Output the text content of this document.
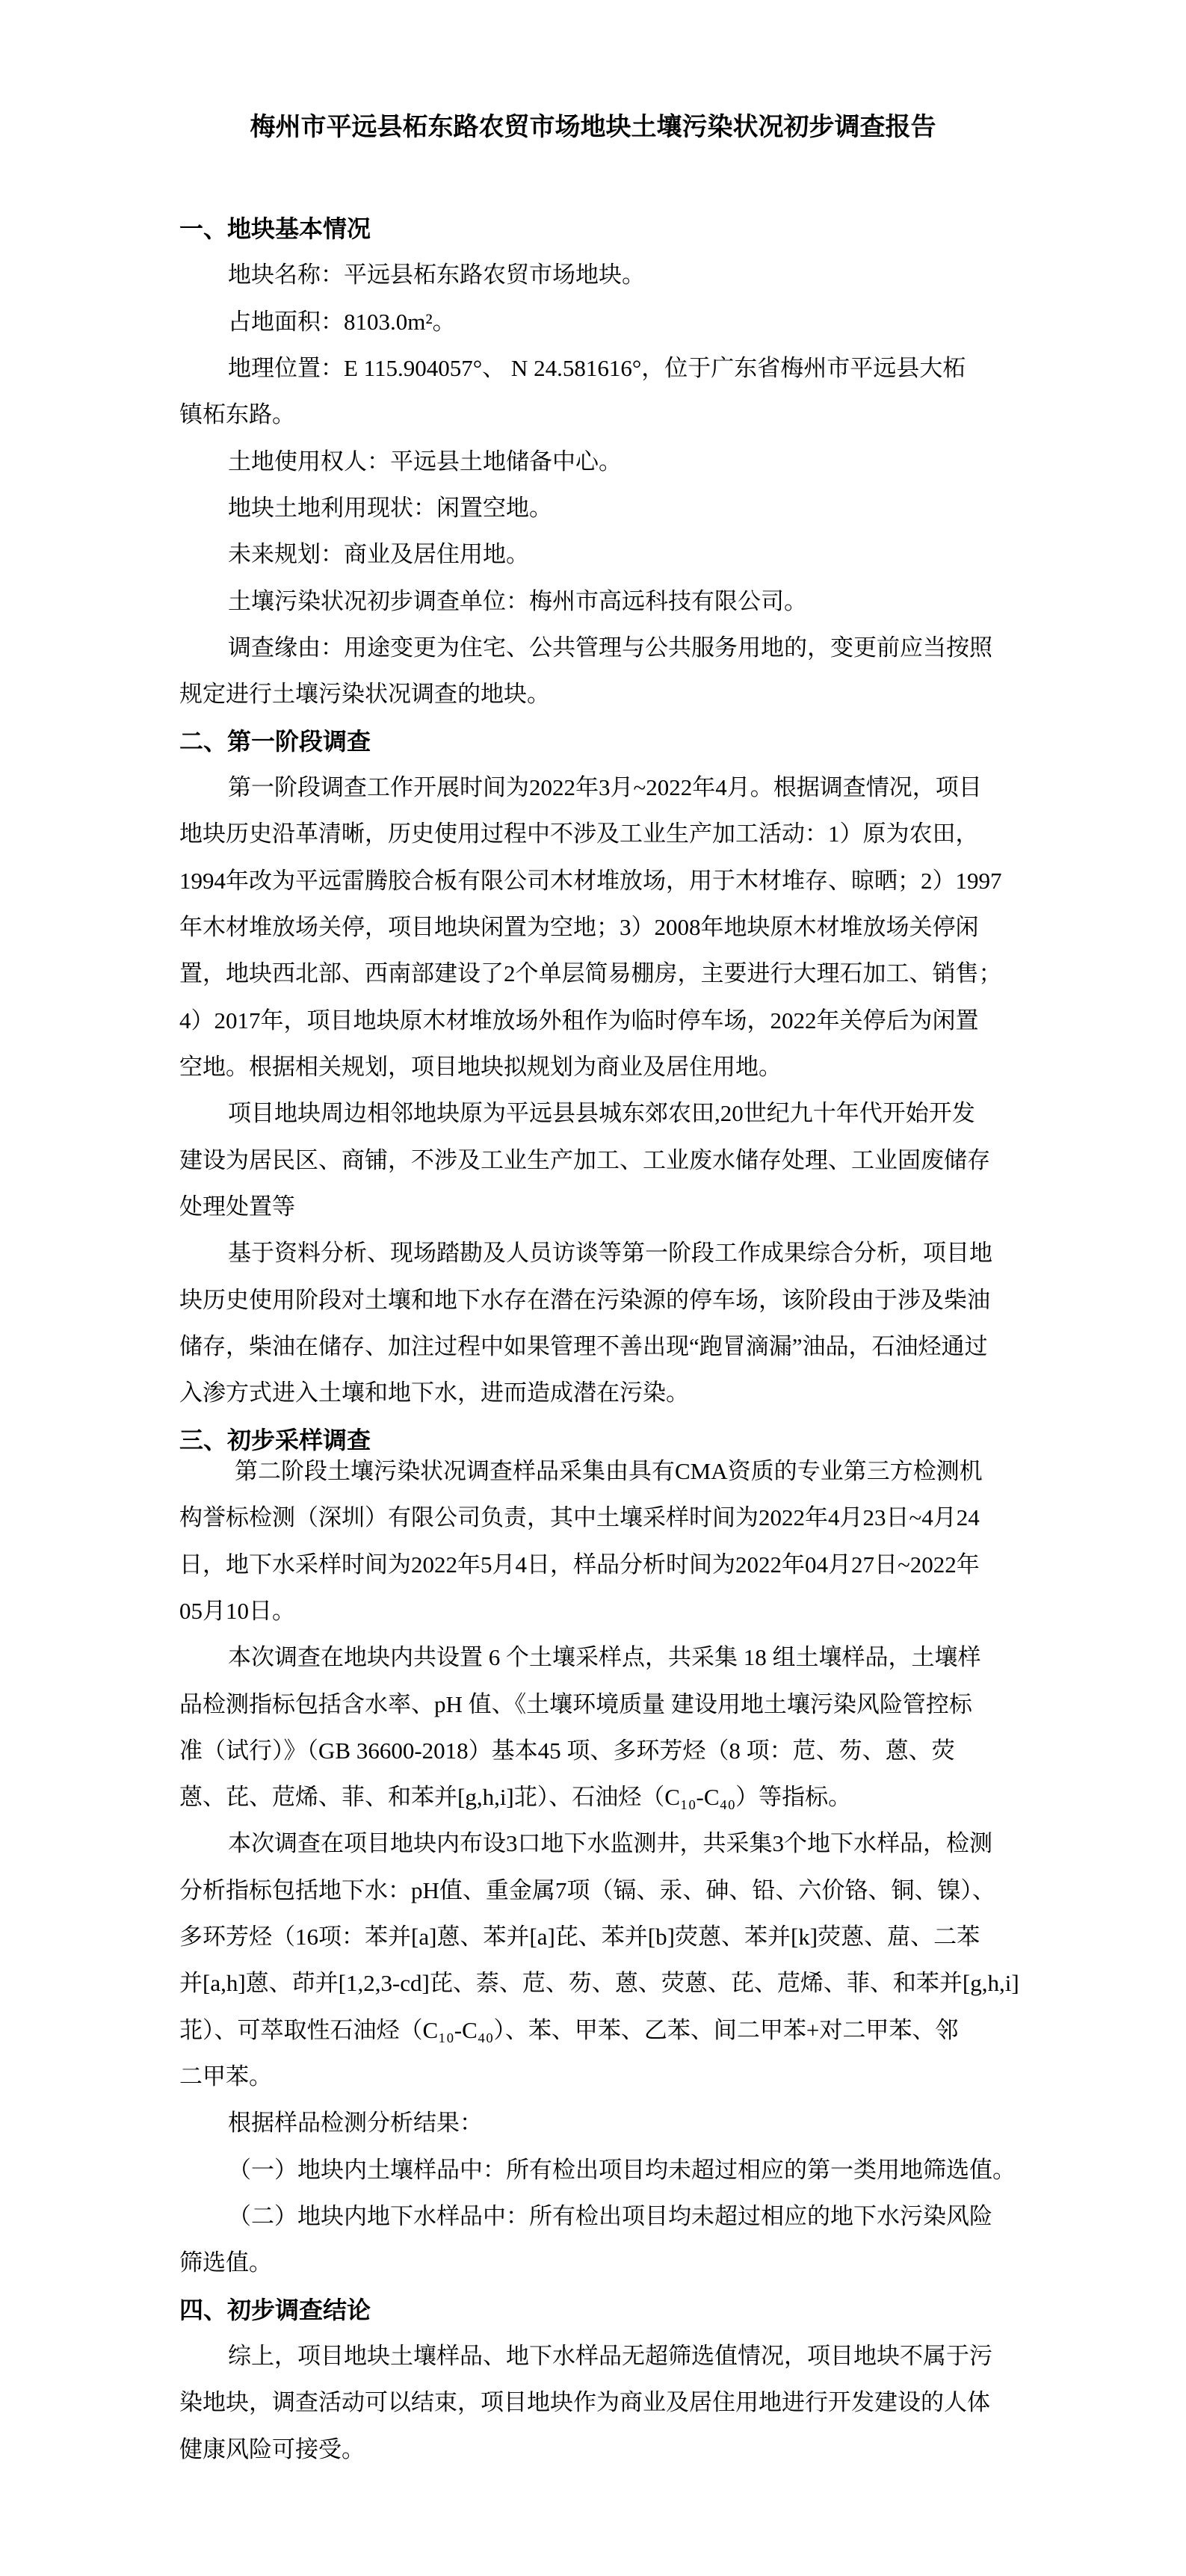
梅州市平远县柘东路农贸市场地块土壤污染状况初步调查报告
一、地块基本情况
地块名称：平远县柘东路农贸市场地块。
占地面积：8103.0m²。
地理位置：E 115.904057°、 N 24.581616°，位于广东省梅州市平远县大柘
镇柘东路。
土地使用权人：平远县土地储备中心。
地块土地利用现状：闲置空地。
未来规划：商业及居住用地。
土壤污染状况初步调查单位：梅州市高远科技有限公司。
调查缘由：用途变更为住宅、公共管理与公共服务用地的，变更前应当按照
规定进行土壤污染状况调查的地块。
二、第一阶段调查
第一阶段调查工作开展时间为2022年3月~2022年4月。根据调查情况，项目
地块历史沿革清晰，历史使用过程中不涉及工业生产加工活动：1）原为农田，
1994年改为平远雷腾胶合板有限公司木材堆放场，用于木材堆存、晾晒；2）1997
年木材堆放场关停，项目地块闲置为空地；3）2008年地块原木材堆放场关停闲
置，地块西北部、西南部建设了2个单层简易棚房，主要进行大理石加工、销售；
4）2017年，项目地块原木材堆放场外租作为临时停车场，2022年关停后为闲置
空地。根据相关规划，项目地块拟规划为商业及居住用地。
项目地块周边相邻地块原为平远县县城东郊农田,20世纪九十年代开始开发
建设为居民区、商铺，不涉及工业生产加工、工业废水储存处理、工业固废储存
处理处置等
基于资料分析、现场踏勘及人员访谈等第一阶段工作成果综合分析，项目地
块历史使用阶段对土壤和地下水存在潜在污染源的停车场，该阶段由于涉及柴油
储存，柴油在储存、加注过程中如果管理不善出现“跑冒滴漏”油品，石油烃通过
入渗方式进入土壤和地下水，进而造成潜在污染。
三、初步采样调查
第二阶段土壤污染状况调查样品采集由具有CMA资质的专业第三方检测机
构誉标检测（深圳）有限公司负责，其中土壤采样时间为2022年4月23日~4月24
日，地下水采样时间为2022年5月4日，样品分析时间为2022年04月27日~2022年
05月10日。
本次调查在地块内共设置 6 个土壤采样点，共采集 18 组土壤样品，土壤样
品检测指标包括含水率、pH 值、《土壤环境质量 建设用地土壤污染风险管控标
准（试行）》（GB 36600-2018）基本45 项、多环芳烃（8 项：苊、芴、蒽、荧
蒽、芘、苊烯、菲、和苯并[g,h,i]苝）、石油烃（C₁₀-C₄₀）等指标。
本次调查在项目地块内布设3口地下水监测井，共采集3个地下水样品，检测
分析指标包括地下水：pH值、重金属7项（镉、汞、砷、铅、六价铬、铜、镍）、
多环芳烃（16项：苯并[a]蒽、苯并[a]芘、苯并[b]荧蒽、苯并[k]荧蒽、䓛、二苯
并[a,h]蒽、茚并[1,2,3-cd]芘、萘、苊、芴、蒽、荧蒽、芘、苊烯、菲、和苯并[g,h,i]
苝）、可萃取性石油烃（C₁₀-C₄₀）、苯、甲苯、乙苯、间二甲苯+对二甲苯、邻
二甲苯。
根据样品检测分析结果：
（一）地块内土壤样品中：所有检出项目均未超过相应的第一类用地筛选值。
（二）地块内地下水样品中：所有检出项目均未超过相应的地下水污染风险
筛选值。
四、初步调查结论
综上，项目地块土壤样品、地下水样品无超筛选值情况，项目地块不属于污
染地块，调查活动可以结束，项目地块作为商业及居住用地进行开发建设的人体
健康风险可接受。
